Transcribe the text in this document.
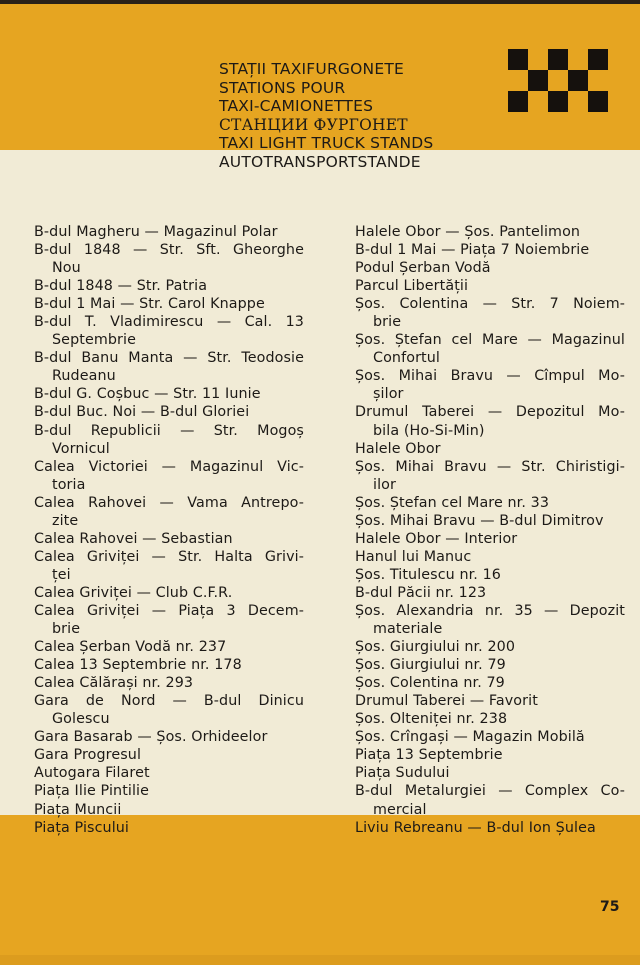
STAȚII TAXIFURGONETE
STATIONS POUR
TAXI-CAMIONETTES
СТАНЦИИ ФУРГОНЕТ
TAXI LIGHT TRUCK STANDS
AUTOTRANSPORTSTANDE
B-dul Magheru — Magazinul Polar
B-dul 1848 — Str. Sft. Gheorghe
Nou
B-dul 1848 — Str. Patria
B-dul 1 Mai — Str. Carol Knappe
B-dul T. Vladimirescu — Cal. 13
Septembrie
B-dul Banu Manta — Str. Teodosie
Rudeanu
B-dul G. Coșbuc — Str. 11 Iunie
B-dul Buc. Noi — B-dul Gloriei
B-dul Republicii — Str. Mogoș
Vornicul
Calea Victoriei — Magazinul Vic-
toria
Calea Rahovei — Vama Antrepo-
zite
Calea Rahovei — Sebastian
Calea Griviței — Str. Halta Grivi-
ței
Calea Griviței — Club C.F.R.
Calea Griviței — Piața 3 Decem-
brie
Calea Șerban Vodă nr. 237
Calea 13 Septembrie nr. 178
Calea Călărași nr. 293
Gara de Nord — B-dul Dinicu
Golescu
Gara Basarab — Șos. Orhideelor
Gara Progresul
Autogara Filaret
Piața Ilie Pintilie
Piața Muncii
Piața Piscului
Halele Obor — Șos. Pantelimon
B-dul 1 Mai — Piața 7 Noiembrie
Podul Șerban Vodă
Parcul Libertății
Șos. Colentina — Str. 7 Noiem-
brie
Șos. Ștefan cel Mare — Magazinul
Confortul
Șos. Mihai Bravu — Cîmpul Mo-
șilor
Drumul Taberei — Depozitul Mo-
bila (Ho-Si-Min)
Halele Obor
Șos. Mihai Bravu — Str. Chiristigi-
ilor
Șos. Ștefan cel Mare nr. 33
Șos. Mihai Bravu — B-dul Dimitrov
Halele Obor — Interior
Hanul lui Manuc
Șos. Titulescu nr. 16
B-dul Păcii nr. 123
Șos. Alexandria nr. 35 — Depozit
materiale
Șos. Giurgiului nr. 200
Șos. Giurgiului nr. 79
Șos. Colentina nr. 79
Drumul Taberei — Favorit
Șos. Olteniței nr. 238
Șos. Crîngași — Magazin Mobilă
Piața 13 Septembrie
Piața Sudului
B-dul Metalurgiei — Complex Co-
mercial
Liviu Rebreanu — B-dul Ion Șulea
75
